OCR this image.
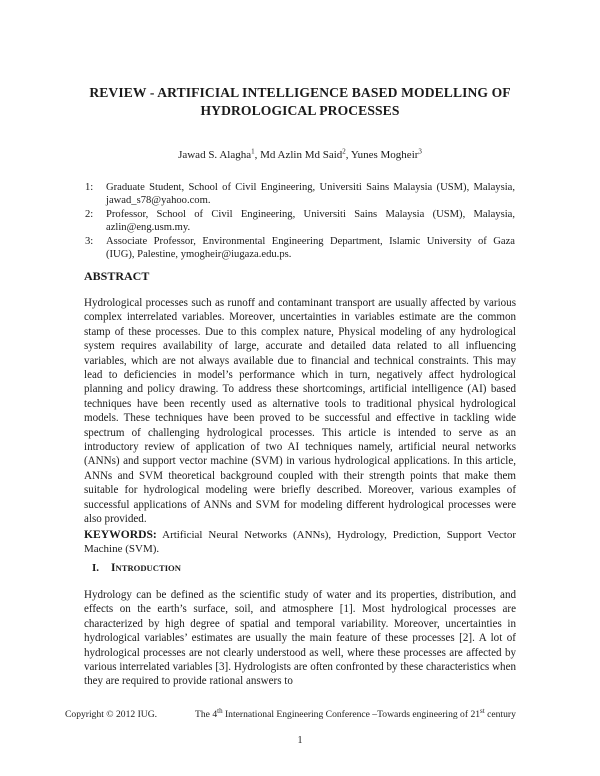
REVIEW - ARTIFICIAL INTELLIGENCE BASED MODELLING OF
HYDROLOGICAL PROCESSES
Jawad S. Alagha$^1$, Md Azlin Md Said$^2$, Yunes Mogheir$^3$
1: Graduate Student, School of Civil Engineering, Universiti Sains Malaysia (USM), Malaysia, jawad_s78@yahoo.com.
2: Professor, School of Civil Engineering, Universiti Sains Malaysia (USM), Malaysia, azlin@eng.usm.my.
3: Associate Professor, Environmental Engineering Department, Islamic University of Gaza (IUG), Palestine, ymogheir@iugaza.edu.ps.
ABSTRACT
Hydrological processes such as runoff and contaminant transport are usually affected by various complex interrelated variables. Moreover, uncertainties in variables estimate are the common stamp of these processes. Due to this complex nature, Physical modeling of any hydrological system requires availability of large, accurate and detailed data related to all influencing variables, which are not always available due to financial and technical constraints. This may lead to deficiencies in model’s performance which in turn, negatively affect hydrological planning and policy drawing. To address these shortcomings, artificial intelligence (AI) based techniques have been recently used as alternative tools to traditional physical hydrological models. These techniques have been proved to be successful and effective in tackling wide spectrum of challenging hydrological processes. This article is intended to serve as an introductory review of application of two AI techniques namely, artificial neural networks (ANNs) and support vector machine (SVM) in various hydrological applications. In this article, ANNs and SVM theoretical background coupled with their strength points that make them suitable for hydrological modeling were briefly described. Moreover, various examples of successful applications of ANNs and SVM for modeling different hydrological processes were also provided.
KEYWORDS: Artificial Neural Networks (ANNs), Hydrology, Prediction, Support Vector Machine (SVM).
I. INTRODUCTION
Hydrology can be defined as the scientific study of water and its properties, distribution, and effects on the earth’s surface, soil, and atmosphere [1]. Most hydrological processes are characterized by high degree of spatial and temporal variability. Moreover, uncertainties in hydrological variables’ estimates are usually the main feature of these processes [2]. A lot of hydrological processes are not clearly understood as well, where these processes are affected by various interrelated variables [3]. Hydrologists are often confronted by these characteristics when they are required to provide rational answers to
Copyright © 2012 IUG.	The 4th International Engineering Conference –Towards engineering of 21st century
1
